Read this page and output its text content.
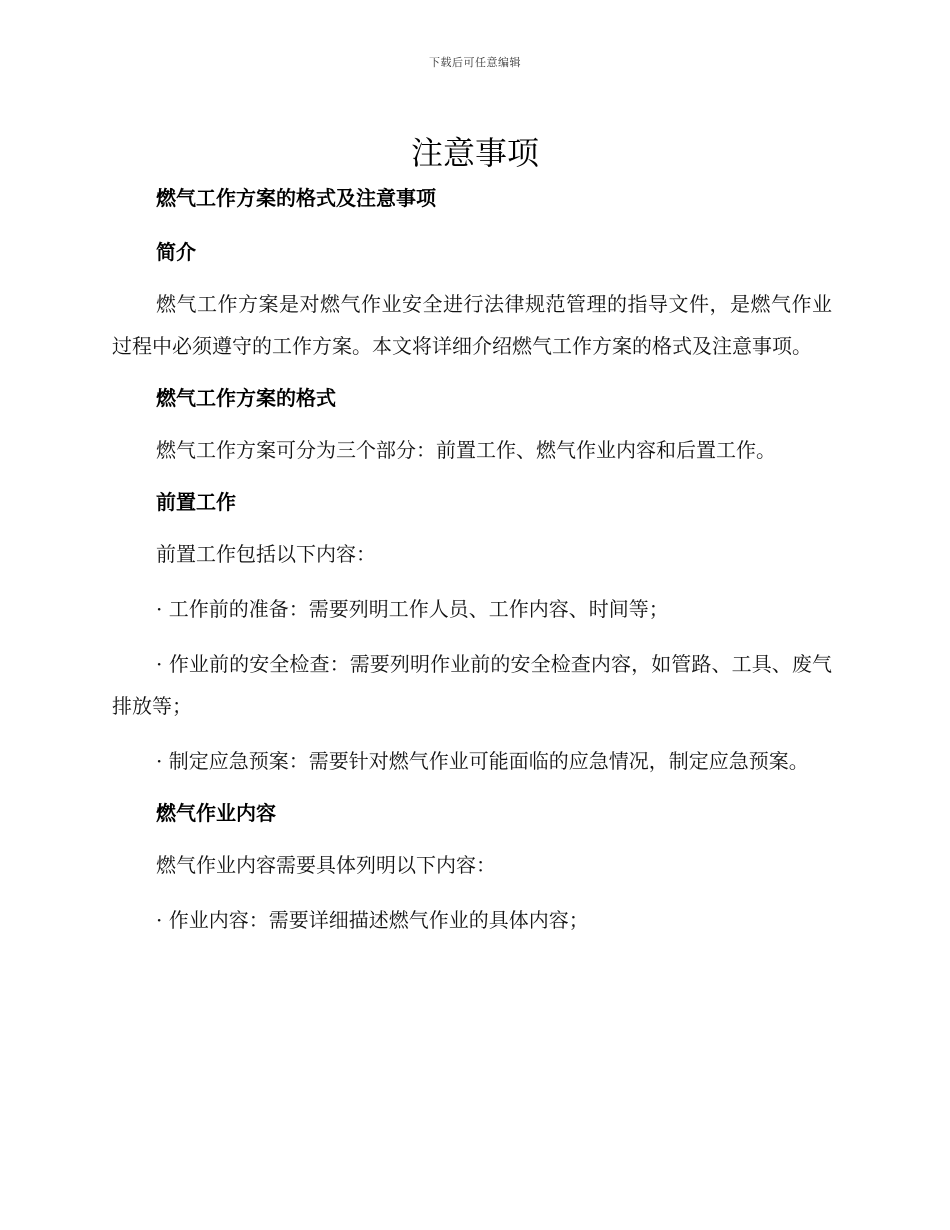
下载后可任意编辑
注意事项
燃气工作方案的格式及注意事项
简介
燃气工作方案是对燃气作业安全进行法律规范管理的指导文件，是燃气作业过程中必须遵守的工作方案。本文将详细介绍燃气工作方案的格式及注意事项。
燃气工作方案的格式
燃气工作方案可分为三个部分：前置工作、燃气作业内容和后置工作。
前置工作
前置工作包括以下内容：
· 工作前的准备：需要列明工作人员、工作内容、时间等；
· 作业前的安全检查：需要列明作业前的安全检查内容，如管路、工具、废气排放等；
· 制定应急预案：需要针对燃气作业可能面临的应急情况，制定应急预案。
燃气作业内容
燃气作业内容需要具体列明以下内容：
· 作业内容：需要详细描述燃气作业的具体内容；
